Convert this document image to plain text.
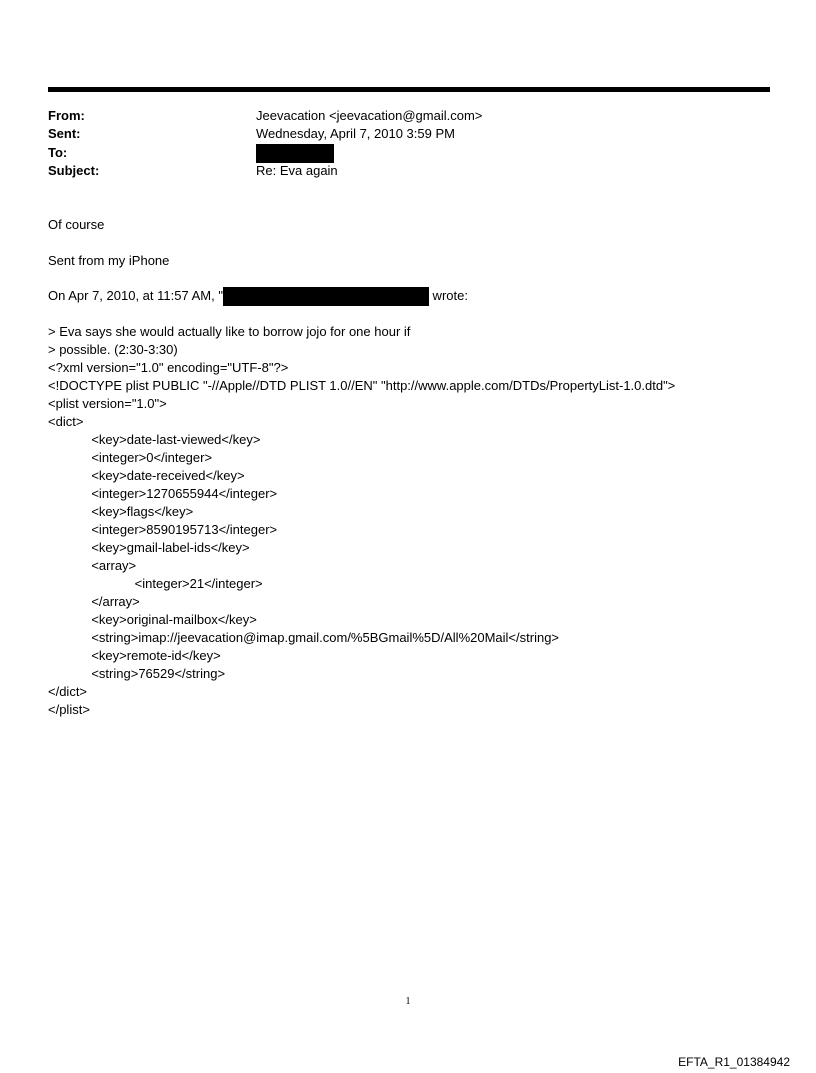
From:	Jeevacation <jeevacation@gmail.com>
Sent:	Wednesday, April 7, 2010 3:59 PM
To:
Subject:	Re: Eva again
Of course
Sent from my iPhone
On Apr 7, 2010, at 11:57 AM, "	wrote:
> Eva says she would actually like to borrow jojo for one hour if
> possible. (2:30-3:30)
<?xml version="1.0" encoding="UTF-8"?>
<!DOCTYPE plist PUBLIC "-//Apple//DTD PLIST 1.0//EN" "http://www.apple.com/DTDs/PropertyList-1.0.dtd">
<plist version="1.0">
<dict>
<key>date-last-viewed</key>
<integer>0</integer>
<key>date-received</key>
<integer>1270655944</integer>
<key>flags</key>
<integer>8590195713</integer>
<key>gmail-label-ids</key>
<array>
<integer>21</integer>
</array>
<key>original-mailbox</key>
<string>imap://jeevacation@imap.gmail.com/%5BGmail%5D/All%20Mail</string>
<key>remote-id</key>
<string>76529</string>
</dict>
</plist>
1
EFTA_R1_01384942
